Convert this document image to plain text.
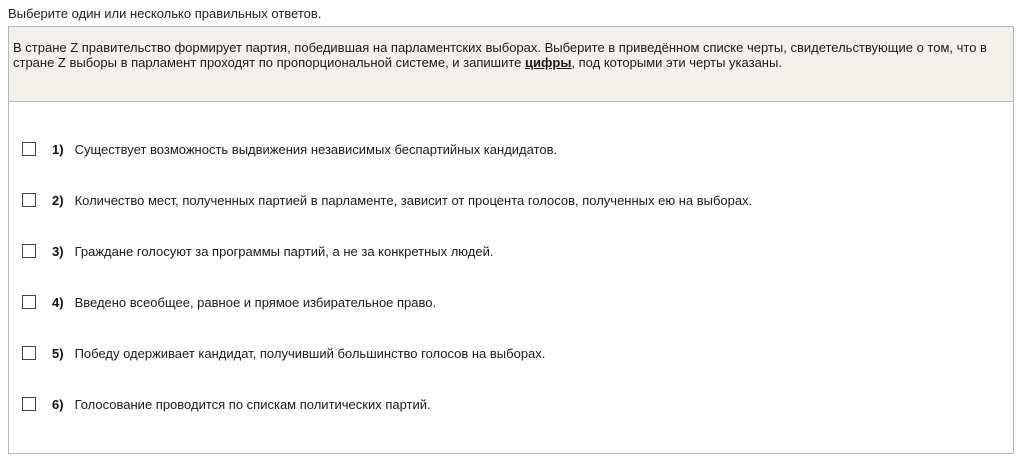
Выберите один или несколько правильных ответов.
В стране Z правительство формирует партия, победившая на парламентских выборах. Выберите в приведённом списке черты, свидетельствующие о том, что в стране Z выборы в парламент проходят по пропорциональной системе, и запишите цифры, под которыми эти черты указаны.
1) Существует возможность выдвижения независимых беспартийных кандидатов.
2) Количество мест, полученных партией в парламенте, зависит от процента голосов, полученных ею на выборах.
3) Граждане голосуют за программы партий, а не за конкретных людей.
4) Введено всеобщее, равное и прямое избирательное право.
5) Победу одерживает кандидат, получивший большинство голосов на выборах.
6) Голосование проводится по спискам политических партий.
